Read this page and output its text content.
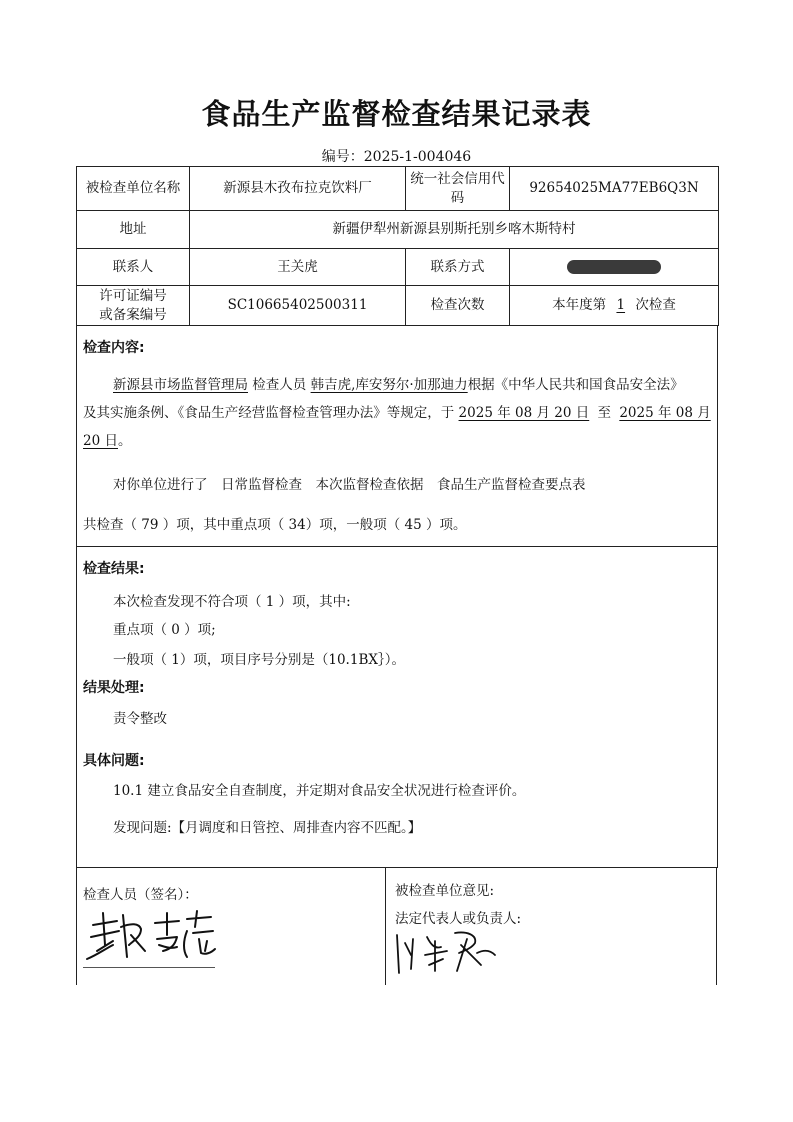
食品生产监督检查结果记录表
编号：2025-1-004046
被检查单位名称	新源县木孜布拉克饮料厂	统一社会信用代码	92654025MA77EB6Q3N
地址	新疆伊犁州新源县别斯托别乡喀木斯特村		
联系人	王关虎	联系方式	
许可证编号
或备案编号	SC10665402500311	检查次数	本年度第 1 次检查
检查内容:
新源县市场监督管理局 检查人员 韩吉虎,库安努尔·加那迪力根据《中华人民共和国食品安全法》
及其实施条例、《食品生产经营监督检查管理办法》等规定，于 2025 年 08 月 20 日 至 2025 年 08 月
20 日。
对你单位进行了　日常监督检查　本次监督检查依据　食品生产监督检查要点表
共检查（ 79 ）项，其中重点项（ 34）项，一般项（ 45 ）项。
检查结果:
本次检查发现不符合项（ 1 ）项，其中:
重点项（ 0 ）项;
一般项（ 1）项，项目序号分别是（10.1BX｝）。
结果处理:
责令整改
具体问题:
10.1 建立食品安全自查制度，并定期对食品安全状况进行检查评价。
发现问题:【月调度和日管控、周排查内容不匹配。】
检查人员（签名）：	被检查单位意见:
法定代表人或负责人:
